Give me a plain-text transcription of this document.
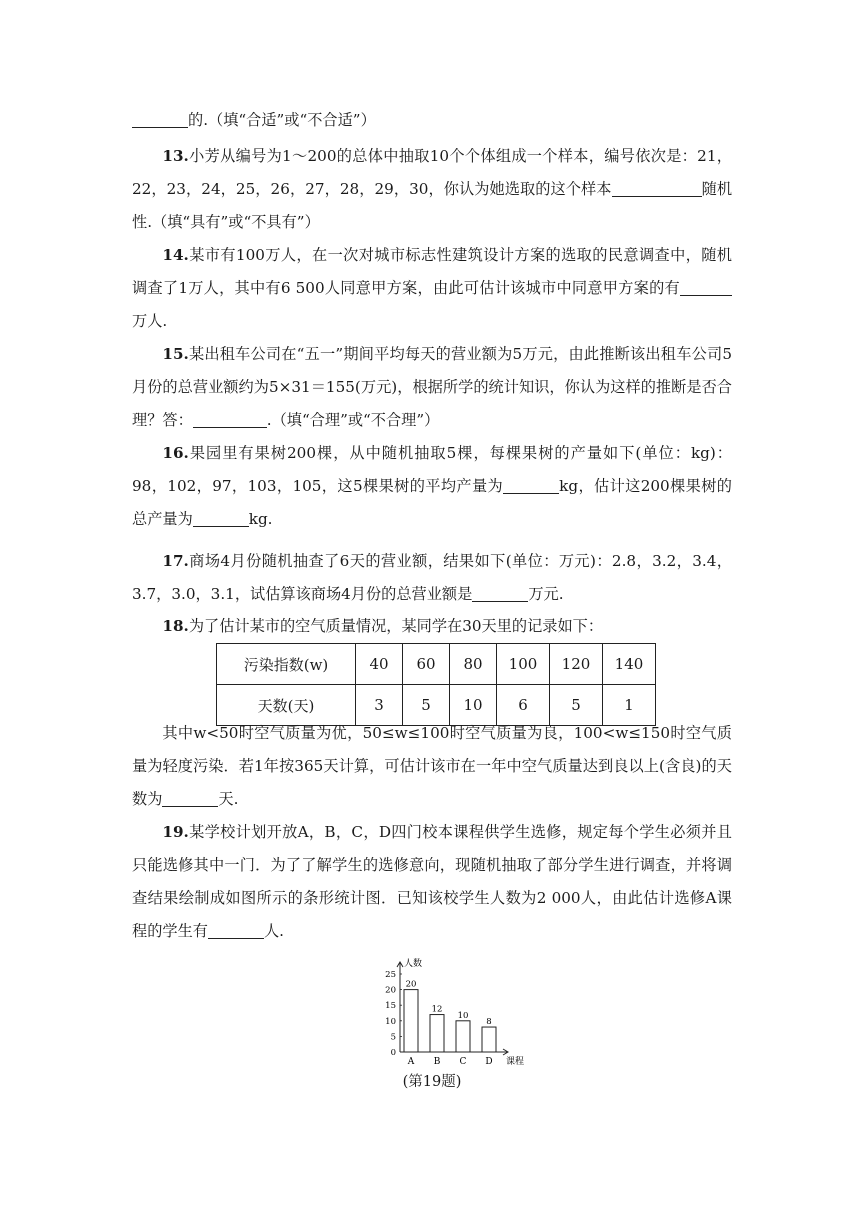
的.（填“合适”或“不合适”）

13.小芳从编号为1～200的总体中抽取10个个体组成一个样本，编号依次是：21，22，23，24，25，26，27，28，29，30，你认为她选取的这个样本	随机性.（填“具有”或“不具有”）

14.某市有100万人，在一次对城市标志性建筑设计方案的选取的民意调查中，随机调查了1万人，其中有6 500人同意甲方案，由此可估计该城市中同意甲方案的有万人.

15.某出租车公司在“五一”期间平均每天的营业额为5万元，由此推断该出租车公司5月份的总营业额约为5×31＝155(万元)，根据所学的统计知识，你认为这样的推断是否合理？答：	.（填“合理”或“不合理”）

16.果园里有果树200棵，从中随机抽取5棵，每棵果树的产量如下(单位：kg)：98，102，97，103，105，这5棵果树的平均产量为	kg，估计这200棵果树的总产量为	kg.

17.商场4月份随机抽查了6天的营业额，结果如下(单位：万元)：2.8，3.2，3.4，3.7，3.0，3.1，试估算该商场4月份的总营业额是	万元.

18.为了估计某市的空气质量情况，某同学在30天里的记录如下：

污染指数(w)	40	60	80	100	120	140
天数(天)	3	5	10	6	5	1

其中w<50时空气质量为优，50≤w≤100时空气质量为良，100<w≤150时空气质量为轻度污染．若1年按365天计算，可估计该市在一年中空气质量达到良以上(含良)的天数为	天.

19.某学校计划开放A，B，C，D四门校本课程供学生选修，规定每个学生必须并且只能选修其中一门．为了了解学生的选修意向，现随机抽取了部分学生进行调查，并将调查结果绘制成如图所示的条形统计图．已知该校学生人数为2 000人，由此估计选修A课程的学生有	人.

人数
课程
0
5
10
15
20
25
20
A
12
B
10
C
8
D
(第19题)
